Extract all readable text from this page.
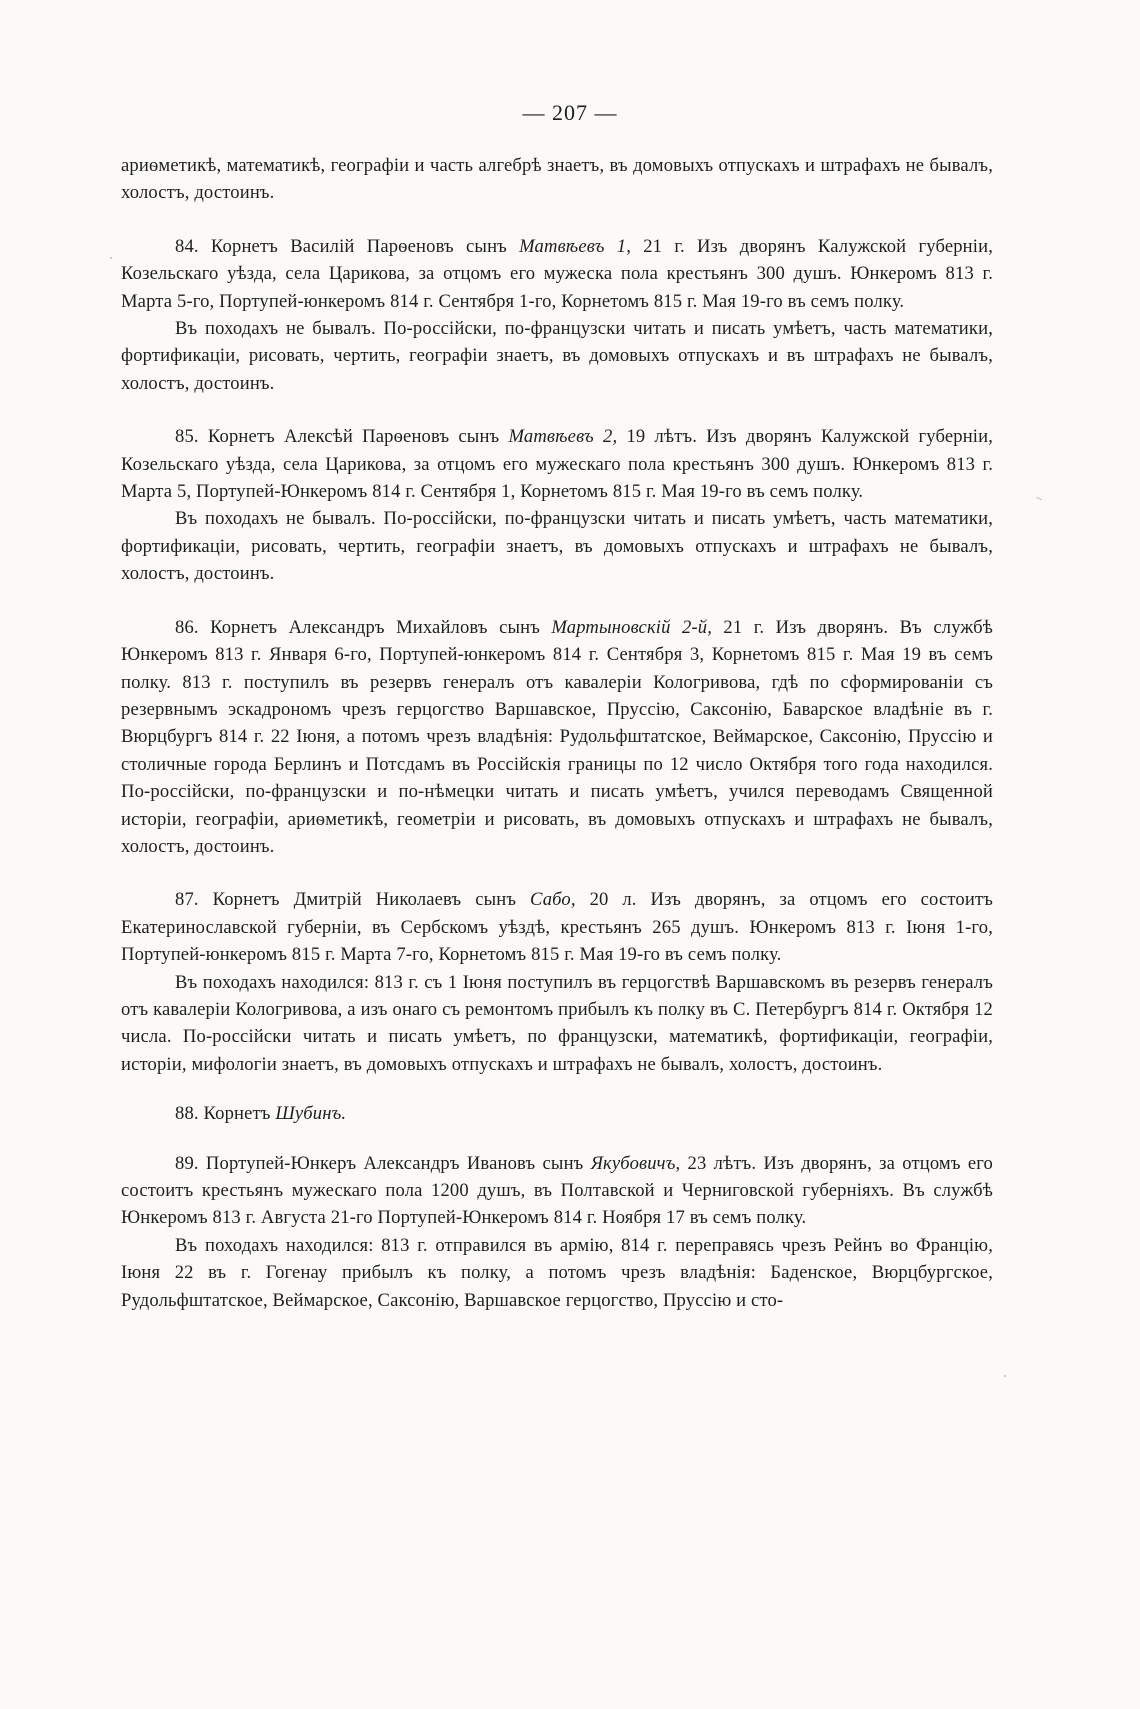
— 207 —

ариѳметикѣ, математикѣ, географіи и часть алгебрѣ знаетъ, въ домовыхъ отпускахъ и штрафахъ не бывалъ, холостъ, достоинъ.

84. Корнетъ Василій Парѳеновъ сынъ Матвѣевъ 1, 21 г. Изъ дворянъ Калужской губерніи, Козельскаго уѣзда, села Царикова, за отцомъ его мужеска пола крестьянъ 300 душъ. Юнкеромъ 813 г. Марта 5-го, Портупей-юнкеромъ 814 г. Сентября 1-го, Корнетомъ 815 г. Мая 19-го въ семъ полку.

Въ походахъ не бывалъ. По-россійски, по-французски читать и писать умѣетъ, часть математики, фортификаціи, рисовать, чертить, географіи знаетъ, въ домовыхъ отпускахъ и въ штрафахъ не бывалъ, холостъ, достоинъ.

85. Корнетъ Алексѣй Парѳеновъ сынъ Матвѣевъ 2, 19 лѣтъ. Изъ дворянъ Калужской губерніи, Козельскаго уѣзда, села Царикова, за отцомъ его мужескаго пола крестьянъ 300 душъ. Юнкеромъ 813 г. Марта 5, Портупей-Юнкеромъ 814 г. Сентября 1, Корнетомъ 815 г. Мая 19-го въ семъ полку.

Въ походахъ не бывалъ. По-россійски, по-французски читать и писать умѣетъ, часть математики, фортификаціи, рисовать, чертить, географіи знаетъ, въ домовыхъ отпускахъ и штрафахъ не бывалъ, холостъ, достоинъ.

86. Корнетъ Александръ Михайловъ сынъ Мартыновскій 2-й, 21 г. Изъ дворянъ. Въ службѣ Юнкеромъ 813 г. Января 6-го, Портупей-юнкеромъ 814 г. Сентября 3, Корнетомъ 815 г. Мая 19 въ семъ полку. 813 г. поступилъ въ резервъ генералъ отъ кавалеріи Кологривова, гдѣ по сформированіи съ резервнымъ эскадрономъ чрезъ герцогство Варшавское, Пруссію, Саксонію, Баварское владѣніе въ г. Вюрцбургъ 814 г. 22 Іюня, а потомъ чрезъ владѣнія: Рудольфштатское, Веймарское, Саксонію, Пруссію и столичные города Берлинъ и Потсдамъ въ Россійскія границы по 12 число Октября того года находился. По-россійски, по-французски и по-нѣмецки читать и писать умѣетъ, учился переводамъ Священной исторіи, географіи, ариѳметикѣ, геометріи и рисовать, въ домовыхъ отпускахъ и штрафахъ не бывалъ, холостъ, достоинъ.

87. Корнетъ Дмитрій Николаевъ сынъ Сабо, 20 л. Изъ дворянъ, за отцомъ его состоитъ Екатеринославской губерніи, въ Сербскомъ уѣздѣ, крестьянъ 265 душъ. Юнкеромъ 813 г. Іюня 1-го, Портупей-юнкеромъ 815 г. Марта 7-го, Корнетомъ 815 г. Мая 19-го въ семъ полку.

Въ походахъ находился: 813 г. съ 1 Іюня поступилъ въ герцогствѣ Варшавскомъ въ резервъ генералъ отъ кавалеріи Кологривова, а изъ онаго съ ремонтомъ прибылъ къ полку въ С. Петербургъ 814 г. Октября 12 числа. По-россійски читать и писать умѣетъ, по французски, математикѣ, фортификаціи, географіи, исторіи, мифологіи знаетъ, въ домовыхъ отпускахъ и штрафахъ не бывалъ, холостъ, достоинъ.

88. Корнетъ Шубинъ.

89. Портупей-Юнкеръ Александръ Ивановъ сынъ Якубовичъ, 23 лѣтъ. Изъ дворянъ, за отцомъ его состоитъ крестьянъ мужескаго пола 1200 душъ, въ Полтавской и Черниговской губерніяхъ. Въ службѣ Юнкеромъ 813 г. Августа 21-го Портупей-Юнкеромъ 814 г. Ноября 17 въ семъ полку.

Въ походахъ находился: 813 г. отправился въ армію, 814 г. переправясь чрезъ Рейнъ во Францію, Іюня 22 въ г. Гогенау прибылъ къ полку, а потомъ чрезъ владѣнія: Баденское, Вюрцбургское, Рудольфштатское, Веймарское, Саксонію, Варшавское герцогство, Пруссію и сто-
